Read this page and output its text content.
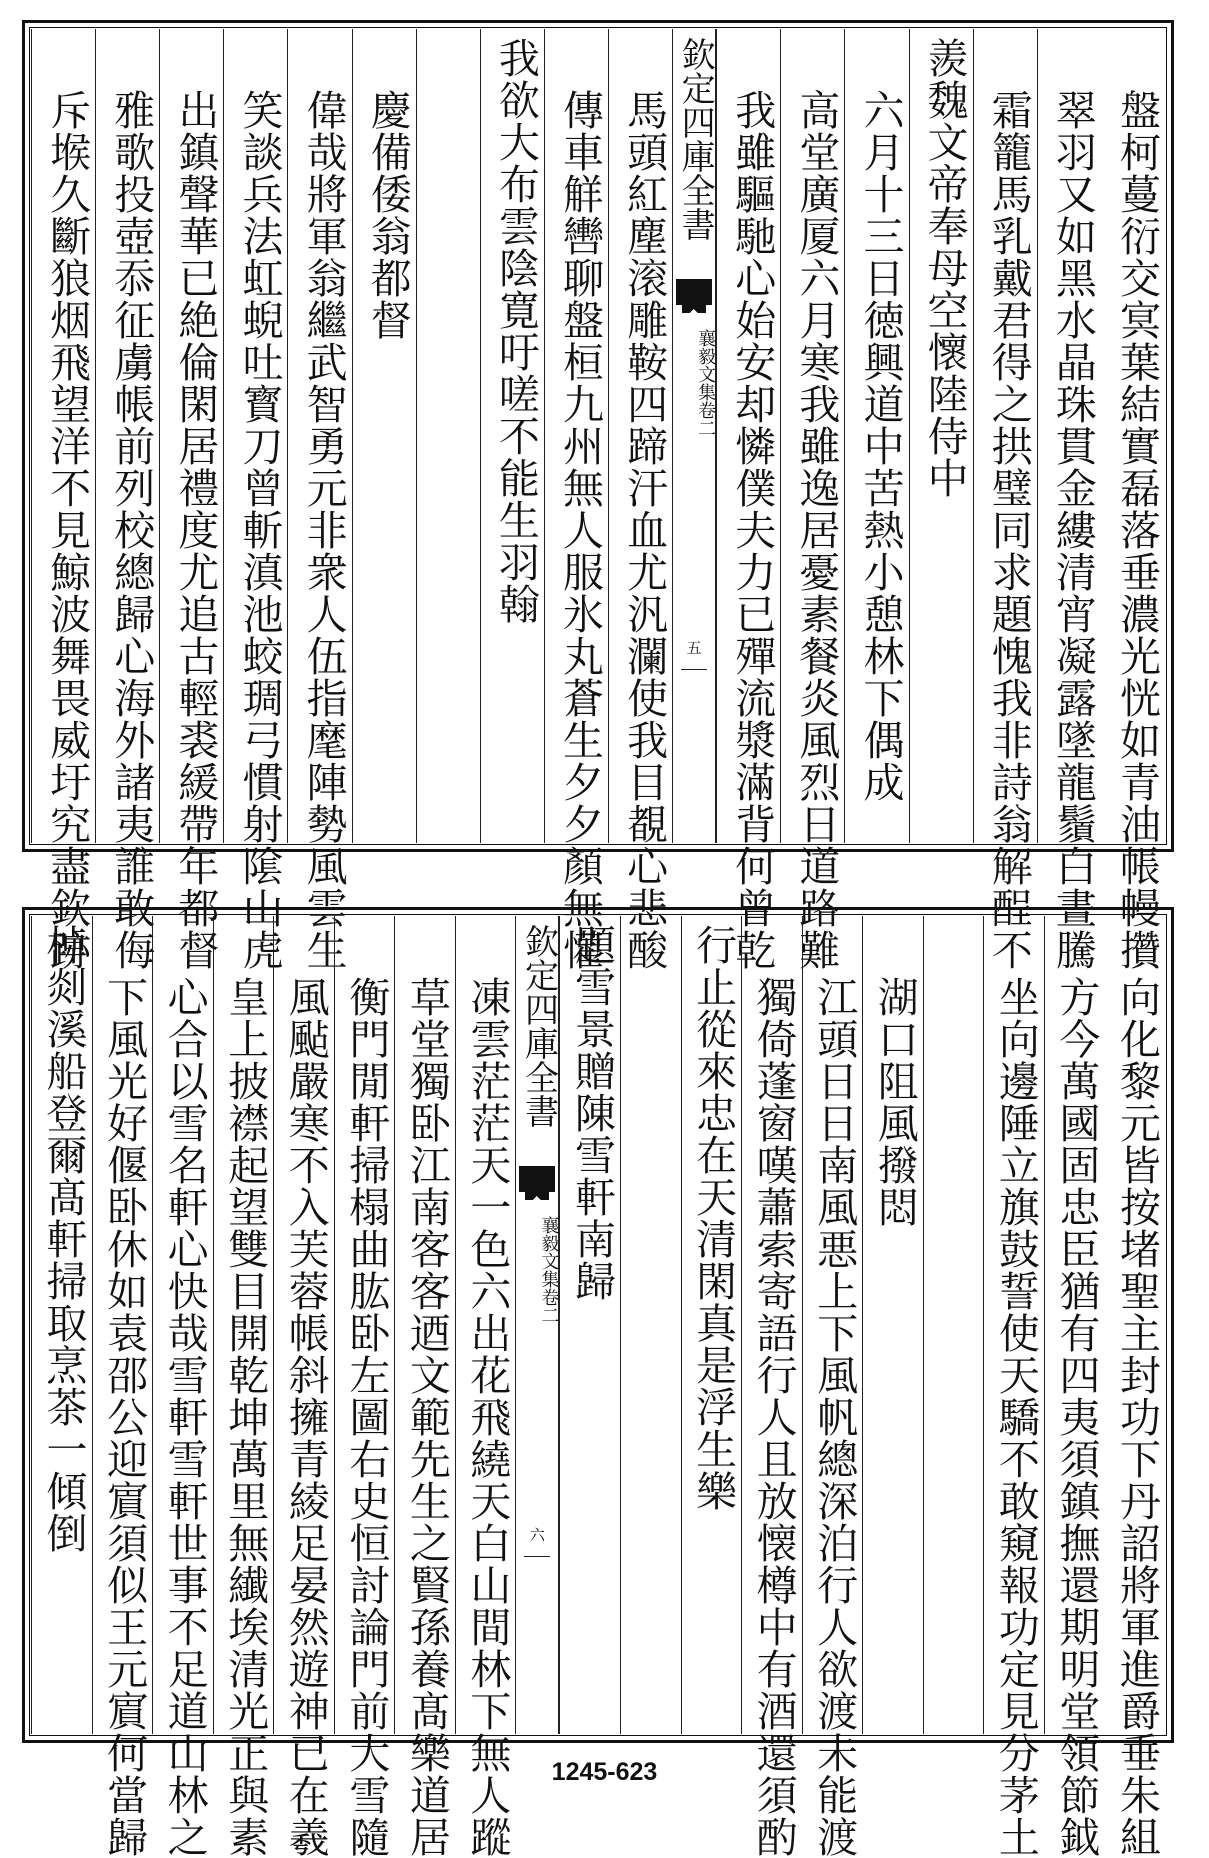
盤柯蔓衍交㝠葉結實磊落垂濃光恍如青油帳幔攢
翠羽又如黑水晶珠貫金縷清宵凝露墜龍鬚白晝騰
霜籠馬乳戴君得之拱璧同求題愧我非詩翁解酲不
羨魏文帝奉母空懷陸侍中
六月十三日徳興道中苦熱小憩林下偶成
高堂廣厦六月寒我雖逸居憂素餐炎風烈日道路難
我雖驅馳心始安却憐僕夫力已殫流漿滿背何曾乾
欽定四庫全書
襄毅文集
卷二
五
馬頭紅塵滚雕鞍四蹄汗血尤汎瀾使我目覩心悲酸
傳車觧轡聊盤桓九州無人服氷丸蒼生夕夕顏無懽
我欲大布雲陰寛吁嗟不能生羽翰
慶備倭翁都督
偉哉將軍翁繼武智勇元非衆人伍指麾陣勢風雲生
笑談兵法虹蜺吐寳刀曾斬滇池蛟琱弓慣射隂山虎
出鎮聲華已絶倫閑居禮度尤追古輕裘緩帶年都督
雅歌投壺忝征虜帳前列校總歸心海外諸夷誰敢侮
斥堠久斷狼烟飛望洋不見鯨波舞畏威圩究盡欽跡
向化黎元皆按堵聖主封功下丹詔將軍進爵垂朱組
方今萬國固忠臣猶有四夷須鎮撫還期明堂領節鉞
坐向邊陲立旗鼓誓使天驕不敢窺報功定見分茅土
湖口阻風撥悶
江頭日日南風悪上下風帆總深泊行人欲渡未能渡
獨倚蓬窗嘆蕭索寄語行人且放懐樽中有酒還須酌
行止從來忠在天清閑真是浮生樂
題雪景贈陳雪軒南歸
欽定四庫全書
襄毅文集
卷二
六
凍雲茫茫天一色六出花飛繞天白山間林下無人蹤
草堂獨卧江南客客迺文範先生之賢孫養髙樂道居
衡門閒軒掃榻曲肱卧左圖右史恒討論門前大雪隨
風颭嚴寒不入芙蓉帳斜擁青綾足晏然遊神已在羲
皇上披襟起望雙目開乾坤萬里無纎埃清光正與素
心合以雪名軒心快哉雪軒雪軒世事不足道山林之
下風光好偃卧休如袁邵公迎賔須似王元賔何當歸
棹剡溪船登爾髙軒掃取烹茶一傾倒
1245-623
